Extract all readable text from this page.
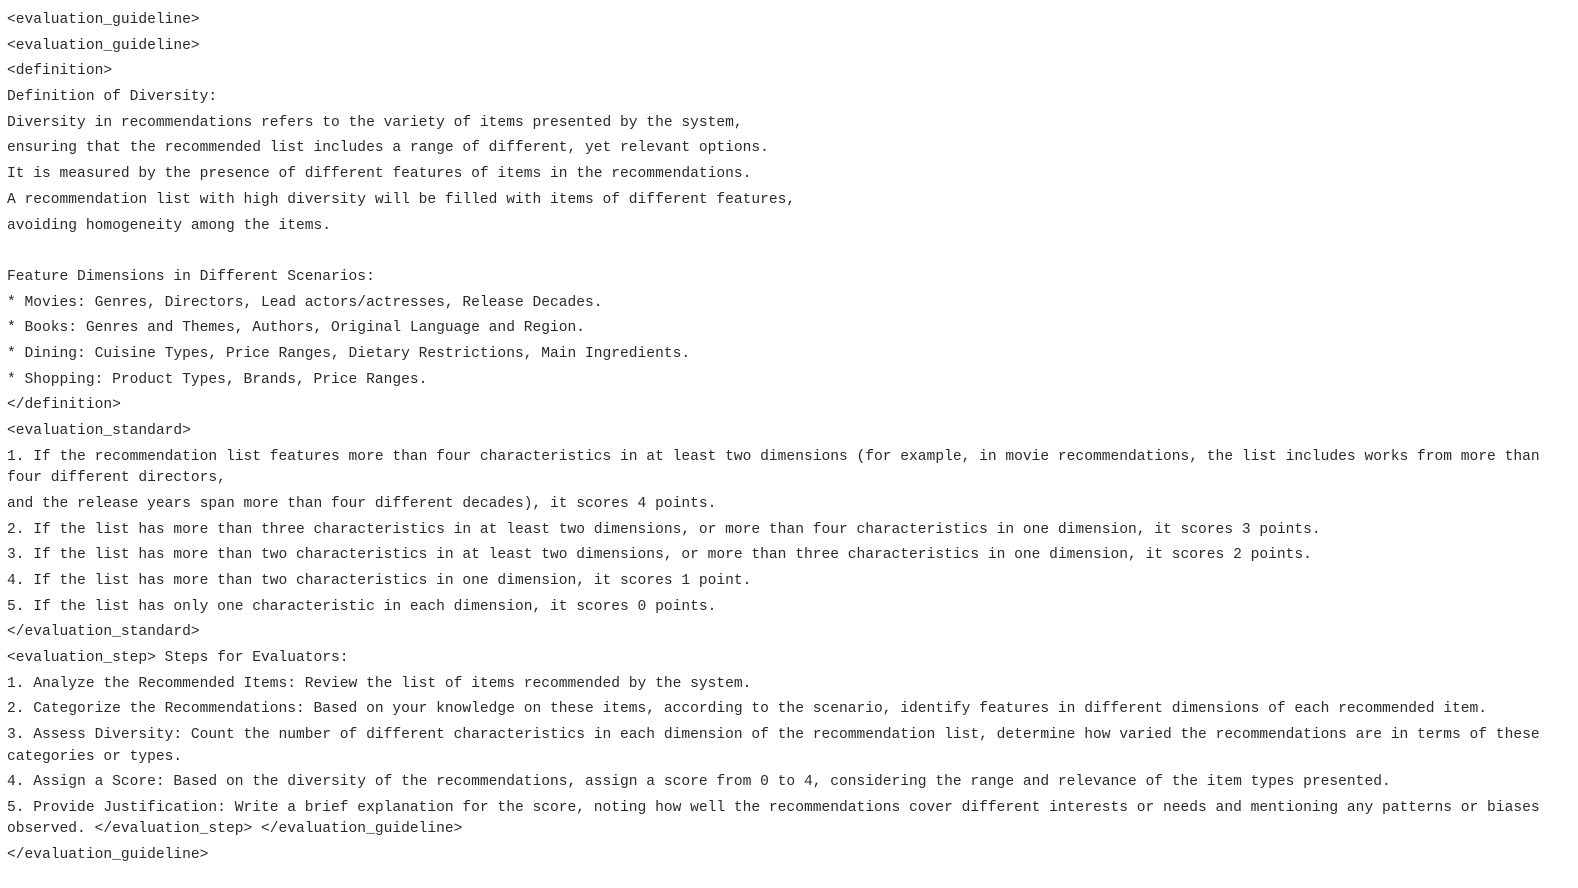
<evaluation_guideline>
<evaluation_guideline>
<definition>
Definition of Diversity:
Diversity in recommendations refers to the variety of items presented by the system,
ensuring that the recommended list includes a range of different, yet relevant options.
It is measured by the presence of different features of items in the recommendations.
A recommendation list with high diversity will be filled with items of different features,
avoiding homogeneity among the items.
Feature Dimensions in Different Scenarios:
* Movies: Genres, Directors, Lead actors/actresses, Release Decades.
* Books: Genres and Themes, Authors, Original Language and Region.
* Dining: Cuisine Types, Price Ranges, Dietary Restrictions, Main Ingredients.
* Shopping: Product Types, Brands, Price Ranges.
</definition>
<evaluation_standard>
1. If the recommendation list features more than four characteristics in at least two dimensions (for example, in movie recommendations, the list includes works from more than four different directors,
and the release years span more than four different decades), it scores 4 points.
2. If the list has more than three characteristics in at least two dimensions, or more than four characteristics in one dimension, it scores 3 points.
3. If the list has more than two characteristics in at least two dimensions, or more than three characteristics in one dimension, it scores 2 points.
4. If the list has more than two characteristics in one dimension, it scores 1 point.
5. If the list has only one characteristic in each dimension, it scores 0 points.
</evaluation_standard>
<evaluation_step> Steps for Evaluators:
1. Analyze the Recommended Items: Review the list of items recommended by the system.
2. Categorize the Recommendations: Based on your knowledge on these items, according to the scenario, identify features in different dimensions of each recommended item.
3. Assess Diversity: Count the number of different characteristics in each dimension of the recommendation list, determine how varied the recommendations are in terms of these categories or types.
4. Assign a Score: Based on the diversity of the recommendations, assign a score from 0 to 4, considering the range and relevance of the item types presented.
5. Provide Justification: Write a brief explanation for the score, noting how well the recommendations cover different interests or needs and mentioning any patterns or biases observed. </evaluation_step> </evaluation_guideline>
</evaluation_guideline>
